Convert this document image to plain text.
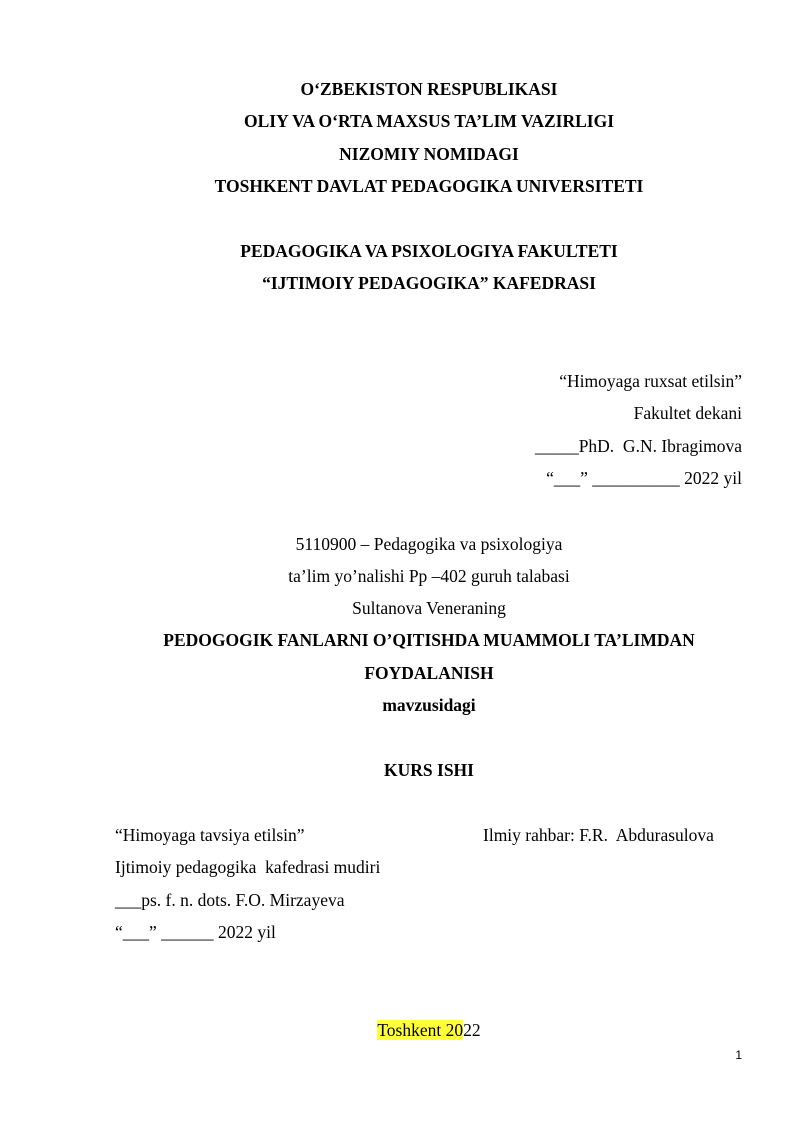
O‘ZBEKISTON RESPUBLIKASI
OLIY VA O‘RTA MAXSUS TA’LIM VAZIRLIGI
NIZOMIY NOMIDAGI
TOSHKENT DAVLAT PEDAGOGIKA UNIVERSITETI
PEDAGOGIKA VA PSIXOLOGIYA FAKULTETI
“IJTIMOIY PEDAGOGIKA” KAFEDRASI
“Himoyaga ruxsat etilsin”
Fakultet dekani
_____PhD.  G.N. Ibragimova
“___” __________ 2022 yil
5110900 – Pedagogika va psixologiya
ta’lim yo’nalishi Pp –402 guruh talabasi
Sultanova Veneraning
PEDOGOGIK FANLARNI O’QITISHDA MUAMMOLI TA’LIMDAN
FOYDALANISH
mavzusidagi
KURS ISHI
“Himoyaga tavsiya etilsin”	Ilmiy rahbar: F.R.  Abdurasulova
Ijtimoiy pedagogika  kafedrasi mudiri
___ps. f. n. dots. F.O. Mirzayeva
“___” ______ 2022 yil
Toshkent 2022
1
